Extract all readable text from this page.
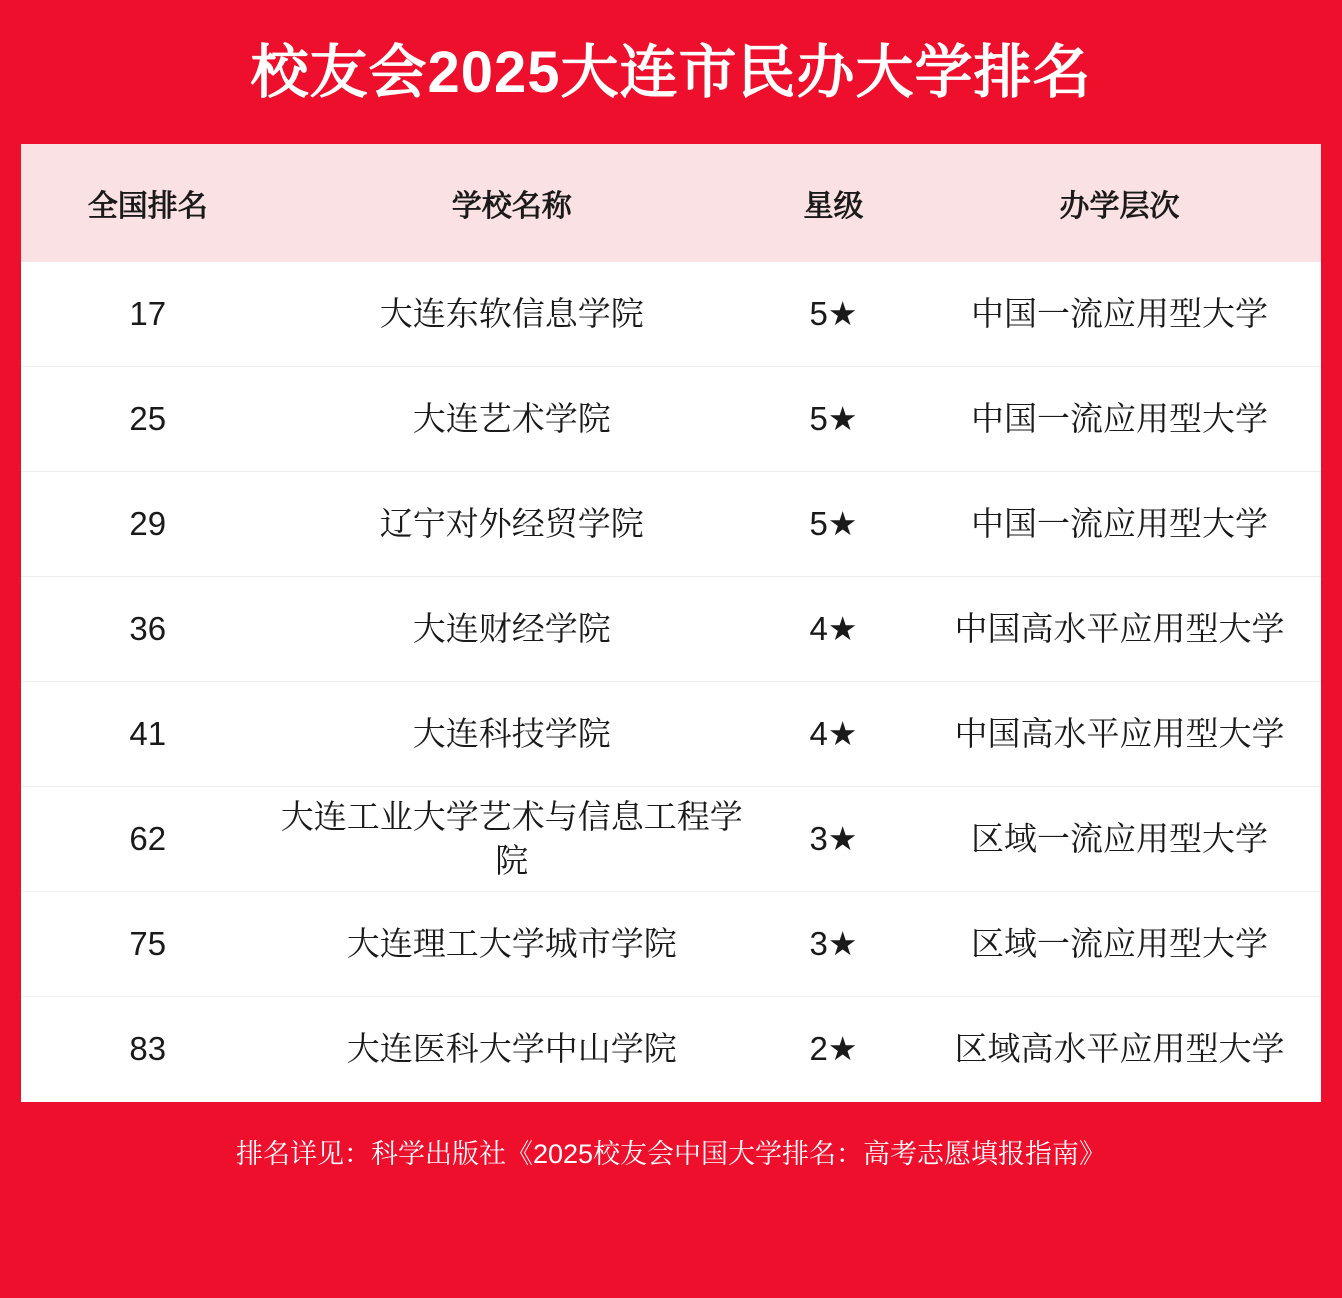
校友会2025大连市民办大学排名
全国排名	学校名称	星级	办学层次
17	大连东软信息学院	5★	中国一流应用型大学
25	大连艺术学院	5★	中国一流应用型大学
29	辽宁对外经贸学院	5★	中国一流应用型大学
36	大连财经学院	4★	中国高水平应用型大学
41	大连科技学院	4★	中国高水平应用型大学
62	大连工业大学艺术与信息工程学院	3★	区域一流应用型大学
75	大连理工大学城市学院	3★	区域一流应用型大学
83	大连医科大学中山学院	2★	区域高水平应用型大学
排名详见：科学出版社《2025校友会中国大学排名：高考志愿填报指南》
